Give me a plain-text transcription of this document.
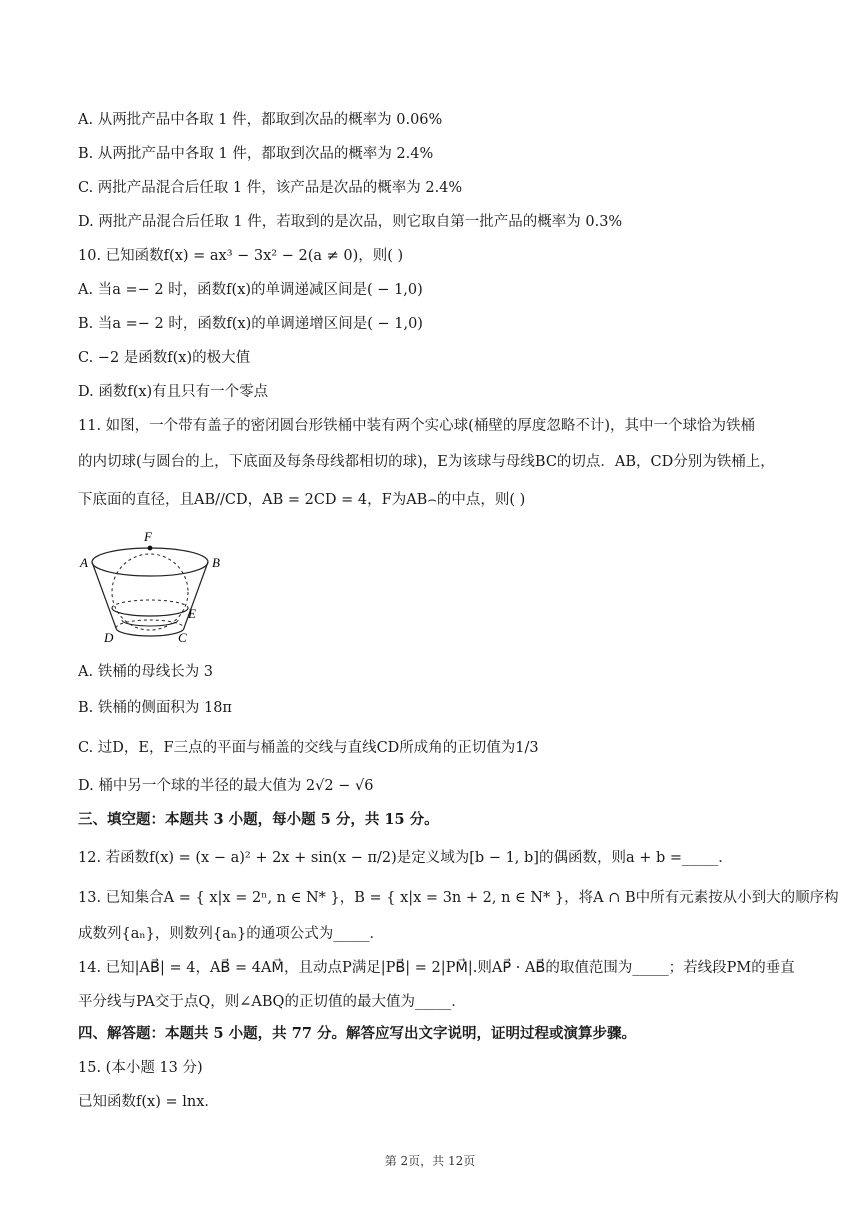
A. 从两批产品中各取 1 件，都取到次品的概率为 0.06%
B. 从两批产品中各取 1 件，都取到次品的概率为 2.4%
C. 两批产品混合后任取 1 件，该产品是次品的概率为 2.4%
D. 两批产品混合后任取 1 件，若取到的是次品，则它取自第一批产品的概率为 0.3%
10. 已知函数f(x) = ax³ − 3x² − 2(a ≠ 0)，则( )
A. 当a =− 2 时，函数f(x)的单调递减区间是( − 1,0)
B. 当a =− 2 时，函数f(x)的单调递增区间是( − 1,0)
C. −2 是函数f(x)的极大值
D. 函数f(x)有且只有一个零点
11. 如图，一个带有盖子的密闭圆台形铁桶中装有两个实心球(桶壁的厚度忽略不计)，其中一个球恰为铁桶
的内切球(与圆台的上，下底面及每条母线都相切的球)，E为该球与母线BC的切点．AB，CD分别为铁桶上，
下底面的直径，且AB//CD，AB = 2CD = 4，F为AB⌢的中点，则( )
F
A	B
E
D	C
A. 铁桶的母线长为 3
B. 铁桶的侧面积为 18π
C. 过D，E，F三点的平面与桶盖的交线与直线CD所成角的正切值为1/3
D. 桶中另一个球的半径的最大值为 2√2 − √6
三、填空题：本题共 3 小题，每小题 5 分，共 15 分。
12. 若函数f(x) = (x − a)² + 2x + sin(x − π/2)是定义域为[b − 1, b]的偶函数，则a + b =_____．
13. 已知集合A = { x|x = 2ⁿ, n ∈ N* }，B = { x|x = 3n + 2, n ∈ N* }，将A ∩ B中所有元素按从小到大的顺序构
成数列{aₙ}，则数列{aₙ}的通项公式为_____．
14. 已知|AB⃗| = 4，AB⃗ = 4AM⃗，且动点P满足|PB⃗| = 2|PM⃗|.则AP⃗ · AB⃗的取值范围为_____；若线段PM的垂直
平分线与PA交于点Q，则∠ABQ的正切值的最大值为_____．
四、解答题：本题共 5 小题，共 77 分。解答应写出文字说明，证明过程或演算步骤。
15. (本小题 13 分)
已知函数f(x) = lnx．
第 2页，共 12页
